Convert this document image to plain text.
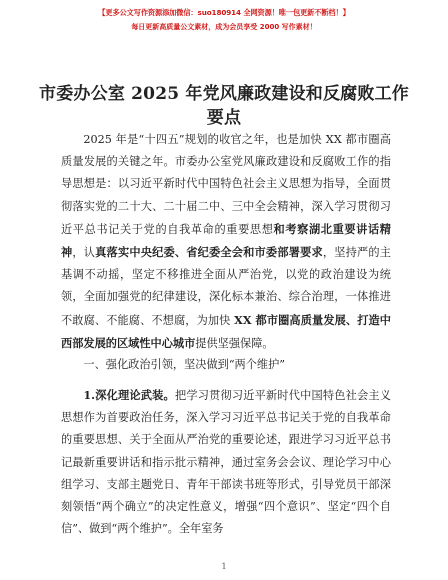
【更多公文写作资源添加微信：suo180914 全网资源！唯一包更新不断档！】
每日更新高质量公文素材，成为会员享受 2000 写作素材！
市委办公室 2025 年党风廉政建设和反腐败工作要点
2025 年是“十四五”规划的收官之年，也是加快 XX 都市圈高质量发展的关键之年。市委办公室党风廉政建设和反腐败工作的指导思想是：以习近平新时代中国特色社会主义思想为指导，全面贯彻落实党的二十大、二十届二中、三中全会精神，深入学习贯彻习近平总书记关于党的自我革命的重要思想和考察湖北重要讲话精神，认真落实中央纪委、省纪委全会和市委部署要求，坚持严的主基调不动摇，坚定不移推进全面从严治党，以党的政治建设为统领，全面加强党的纪律建设，深化标本兼治、综合治理，一体推进不敢腐、不能腐、不想腐，为加快 XX 都市圈高质量发展、打造中西部发展的区域性中心城市提供坚强保障。
一、强化政治引领，坚决做到“两个维护”
1.深化理论武装。把学习贯彻习近平新时代中国特色社会主义思想作为首要政治任务，深入学习习近平总书记关于党的自我革命的重要思想、关于全面从严治党的重要论述，跟进学习习近平总书记最新重要讲话和指示批示精神，通过室务会会议、理论学习中心组学习、支部主题党日、青年干部读书班等形式，引导党员干部深刻领悟“两个确立”的决定性意义，增强“四个意识”、坚定“四个自信”、做到“两个维护”。全年室务
1
